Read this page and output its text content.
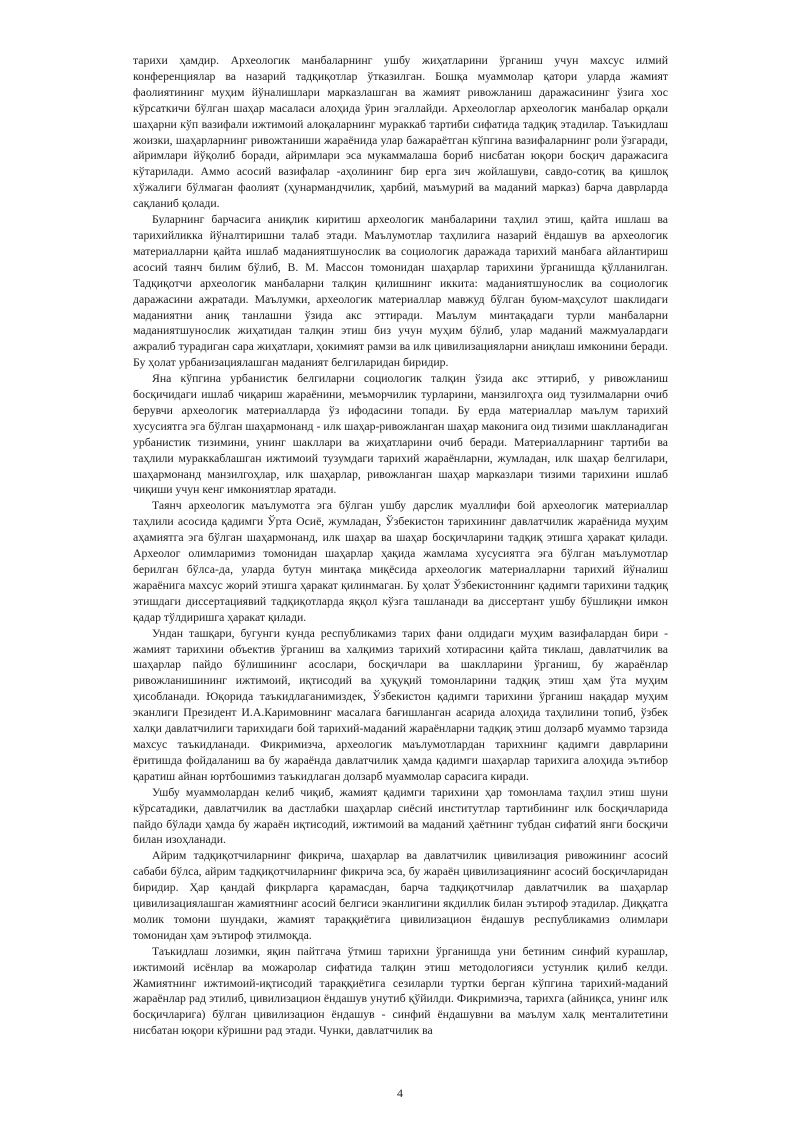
тарихи ҳамдир. Археологик манбаларнинг ушбу жиҳатларини ўрганиш учун махсус илмий конференциялар ва назарий тадқиқотлар ўтказилган. Бошқа муаммолар қатори уларда жамият фаолиятининг муҳим йўналишлари марказлашган ва жамият ривожланиш даражасининг ўзига хос кўрсаткичи бўлган шаҳар масаласи алоҳида ўрин эгаллайди. Археологлар археологик манбалар орқали шаҳарни кўп вазифали ижтимоий алоқаларнинг мураккаб тартиби сифатида тадқиқ этадилар. Таъкидлаш жоизки, шаҳарларнинг ривожтаниши жараёнида улар бажараётган кўпгина вазифаларнинг роли ўзгаради, айримлари йўқолиб боради, айримлари эса мукаммалаша бориб нисбатан юқори босқич даражасига кўтарилади. Аммо асосий вазифалар -аҳолининг бир ерга зич жойлашуви, савдо-сотиқ ва қишлоқ хўжалиги бўлмаган фаолият (ҳунармандчилик, ҳарбий, маъмурий ва маданий марказ) барча даврларда сақланиб қолади.

Буларнинг барчасига аниқлик киритиш археологик манбаларини таҳлил этиш, қайта ишлаш ва тарихийликка йўналтиришни талаб этади. Маълумотлар таҳлилига назарий ёндашув ва археологик материалларни қайта ишлаб маданиятшунослик ва социологик даражада тарихий манбага айлантириш асосий таянч билим бўлиб, В. М. Массон томонидан шаҳарлар тарихини ўрганишда қўлланилган. Тадқиқотчи археологик манбаларни талқин қилишнинг иккита: маданиятшунослик ва социологик даражасини ажратади. Маълумки, археологик материаллар мавжуд бўлган буюм-маҳсулот шаклидаги маданиятни аниқ танлашни ўзида акс эттиради. Маълум минтақадаги турли манбаларни маданиятшунослик жиҳатидан талқин этиш биз учун муҳим бўлиб, улар маданий мажмуалардаги ажралиб турадиган сара жиҳатлари, ҳокимият рамзи ва илк цивилизацияларни аниқлаш имконини беради. Бу ҳолат урбанизациялашган маданият белгиларидан биридир.

Яна кўпгина урбанистик белгиларни социологик талқин ўзида акс эттириб, у ривожланиш босқичидаги ишлаб чиқариш жараёнини, меъморчилик турларини, манзилгоҳга оид тузилмаларни очиб берувчи археологик материалларда ўз ифодасини топади. Бу ерда материаллар маълум тарихий хусусиятга эга бўлган шаҳармонанд - илк шаҳар-ривожланган шаҳар маконига оид тизими шаклланадиган урбанистик тизимини, унинг шакллари ва жиҳатларини очиб беради. Материалларнинг тартиби ва таҳлили мураккаблашган ижтимоий тузумдаги тарихий жараёнларни, жумладан, илк шаҳар белгилари, шаҳармонанд манзилгоҳлар, илк шаҳарлар, ривожланган шаҳар марказлари тизими тарихини ишлаб чиқиши учун кенг имкониятлар яратади.

Таянч археологик маълумотга эга бўлган ушбу дарслик муаллифи бой археологик материаллар таҳлили асосида қадимги Ўрта Осиё, жумладан, Ўзбекистон тарихининг давлатчилик жараёнида муҳим аҳамиятга эга бўлган шаҳармонанд, илк шаҳар ва шаҳар босқичларини тадқиқ этишга ҳаракат қилади. Археолог олимларимиз томонидан шаҳарлар ҳақида жамлама хусусиятга эга бўлган маълумотлар берилган бўлса-да, уларда бутун минтақа миқёсида археологик материалларни тарихий йўналиш жараёнига махсус жорий этишга ҳаракат қилинмаган. Бу ҳолат Ўзбекистоннинг қадимги тарихини тадқиқ этишдаги диссертациявий тадқиқотларда яққол кўзга ташланади ва диссертант ушбу бўшлиқни имкон қадар тўлдиришга ҳаракат қилади.

Ундан ташқари, бугунги кунда республикамиз тарих фани олдидаги муҳим вазифалардан бири - жамият тарихини объектив ўрганиш ва халқимиз тарихий хотирасини қайта тиклаш, давлатчилик ва шаҳарлар пайдо бўлишининг асослари, босқичлари ва шаклларини ўрганиш, бу жараёнлар ривожланишининг ижтимоий, иқтисодий ва ҳуқуқий томонларини тадқиқ этиш ҳам ўта муҳим ҳисобланади. Юқорида таъкидлаганимиздек, Ўзбекистон қадимги тарихини ўрганиш нақадар муҳим эканлиги Президент И.А.Каримовнинг масалага бағишланган асарида алоҳида таҳлилини топиб, ўзбек халқи давлатчилиги тарихидаги бой тарихий-маданий жараёнларни тадқиқ этиш долзарб муаммо тарзида махсус таъкидланади. Фикримизча, археологик маълумотлардан тарихнинг қадимги даврларини ёритишда фойдаланиш ва бу жараёнда давлатчилик ҳамда қадимги шаҳарлар тарихига алоҳида эътибор қаратиш айнан юртбошимиз таъкидлаган долзарб муаммолар сарасига киради.

Ушбу муаммолардан келиб чиқиб, жамият қадимги тарихини ҳар томонлама таҳлил этиш шуни кўрсатадики, давлатчилик ва дастлабки шаҳарлар сиёсий институтлар тартибининг илк босқичларида пайдо бўлади ҳамда бу жараён иқтисодий, ижтимоий ва маданий ҳаётнинг тубдан сифатий янги босқичи билан изоҳланади.

Айрим тадқиқотчиларнинг фикрича, шаҳарлар ва давлатчилик цивилизация ривожининг асосий сабаби бўлса, айрим тадқиқотчиларнинг фикрича эса, бу жараён цивилизациянинг асосий босқичларидан биридир. Ҳар қандай фикрларга қарамасдан, барча тадқиқотчилар давлатчилик ва шаҳарлар цивилизациялашган жамиятнинг асосий белгиси эканлигини якдиллик билан эътироф этадилар. Диққатга молик томони шундаки, жамият тараққиётига цивилизацион ёндашув республикамиз олимлари томонидан ҳам эътироф этилмоқда.

Таъкидлаш лозимки, яқин пайтгача ўтмиш тарихни ўрганишда уни бетиним синфий курашлар, ижтимоий исёнлар ва можаролар сифатида талқин этиш методологияси устунлик қилиб келди. Жамиятнинг ижтимоий-иқтисодий тараққиётига сезиларли туртки берган кўпгина тарихий-маданий жараёнлар рад этилиб, цивилизацион ёндашув унутиб қўйилди. Фикримизча, тарихга (айниқса, унинг илк босқичларига) бўлган цивилизацион ёндашув - синфий ёндашувни ва маълум халқ менталитетини нисбатан юқори кўришни рад этади. Чунки, давлатчилик ва

4
